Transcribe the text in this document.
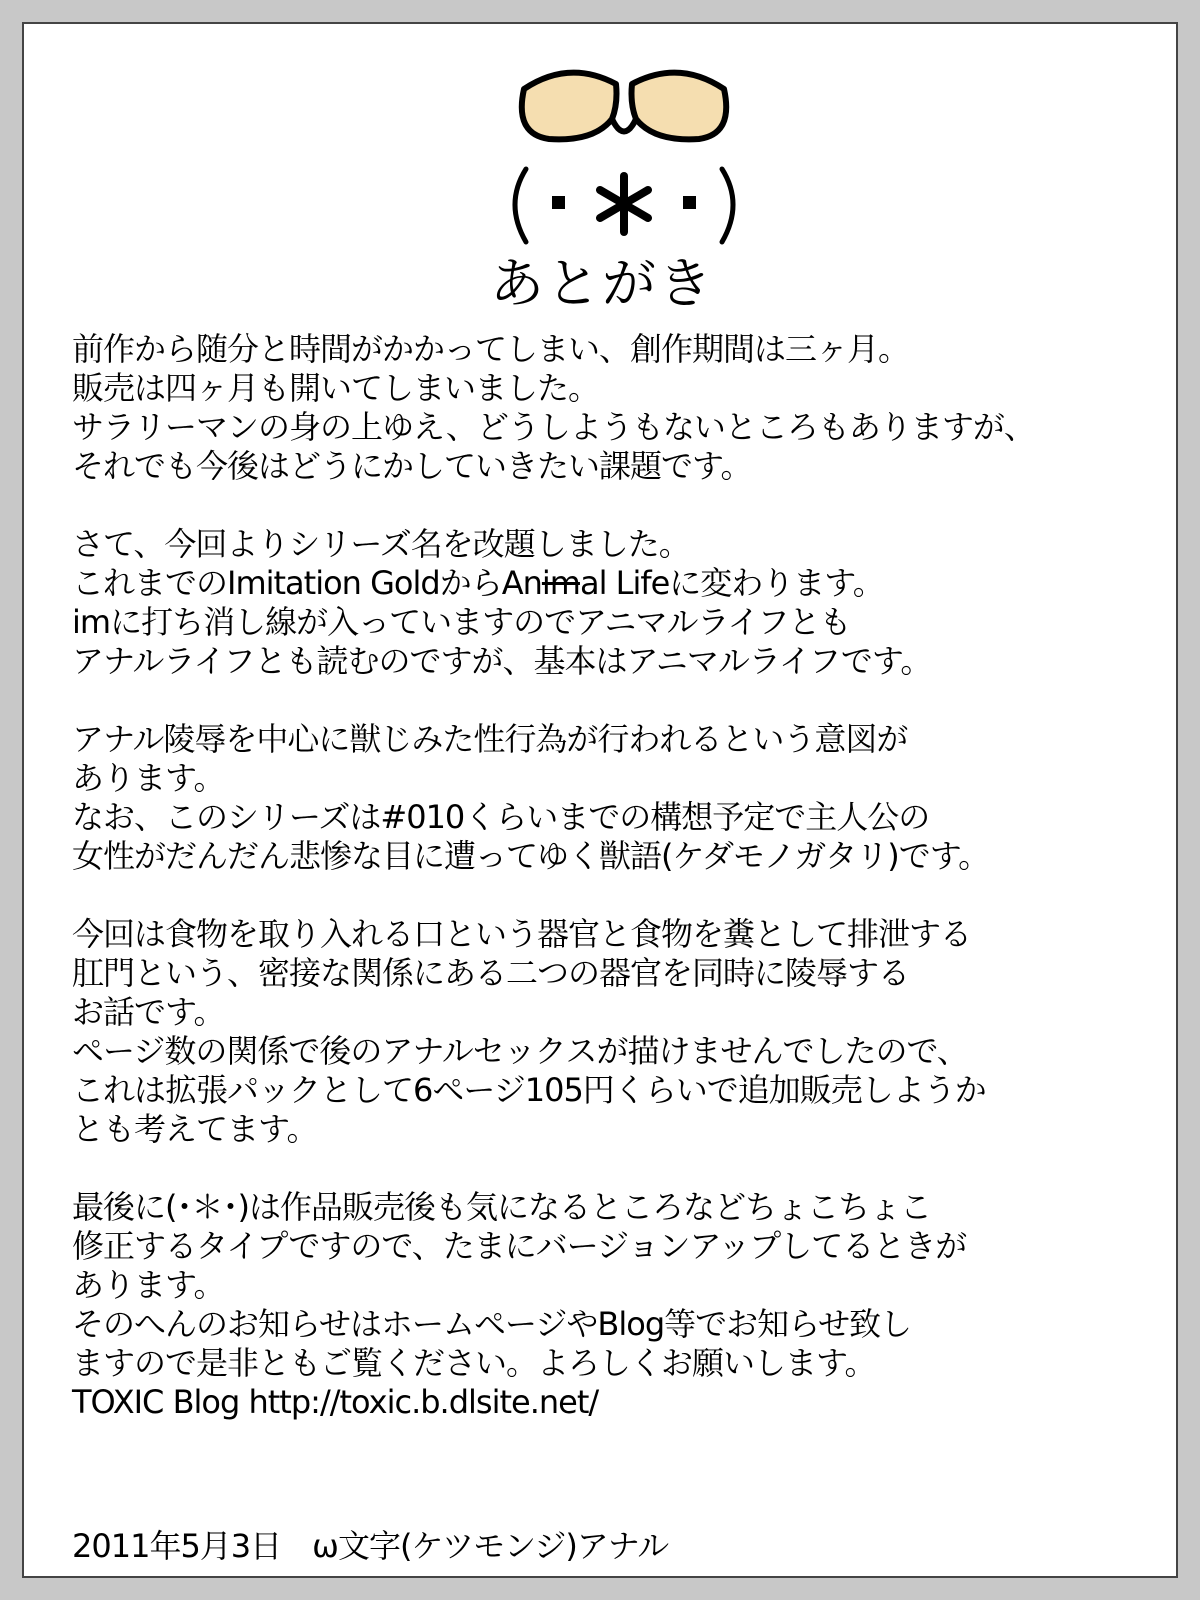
あとがき
前作から随分と時間がかかってしまい、創作期間は三ヶ月。
販売は四ヶ月も開いてしまいました。
サラリーマンの身の上ゆえ、どうしようもないところもありますが、
それでも今後はどうにかしていきたい課題です。
さて、今回よりシリーズ名を改題しました。
これまでのImitation GoldからAnimal Lifeに変わります。
imに打ち消し線が入っていますのでアニマルライフとも
アナルライフとも読むのですが、基本はアニマルライフです。
アナル陵辱を中心に獣じみた性行為が行われるという意図が
あります。
なお、このシリーズは#010くらいまでの構想予定で主人公の
女性がだんだん悲惨な目に遭ってゆく獣語(ケダモノガタリ)です。
今回は食物を取り入れる口という器官と食物を糞として排泄する
肛門という、密接な関係にある二つの器官を同時に陵辱する
お話です。
ページ数の関係で後のアナルセックスが描けませんでしたので、
これは拡張パックとして6ページ105円くらいで追加販売しようか
とも考えてます。
最後に(･＊･)は作品販売後も気になるところなどちょこちょこ
修正するタイプですので、たまにバージョンアップしてるときが
あります。
そのへんのお知らせはホームページやBlog等でお知らせ致し
ますので是非ともご覧ください。よろしくお願いします。
TOXIC Blog http://toxic.b.dlsite.net/
2011年5月3日　ω文字(ケツモンジ)アナル
